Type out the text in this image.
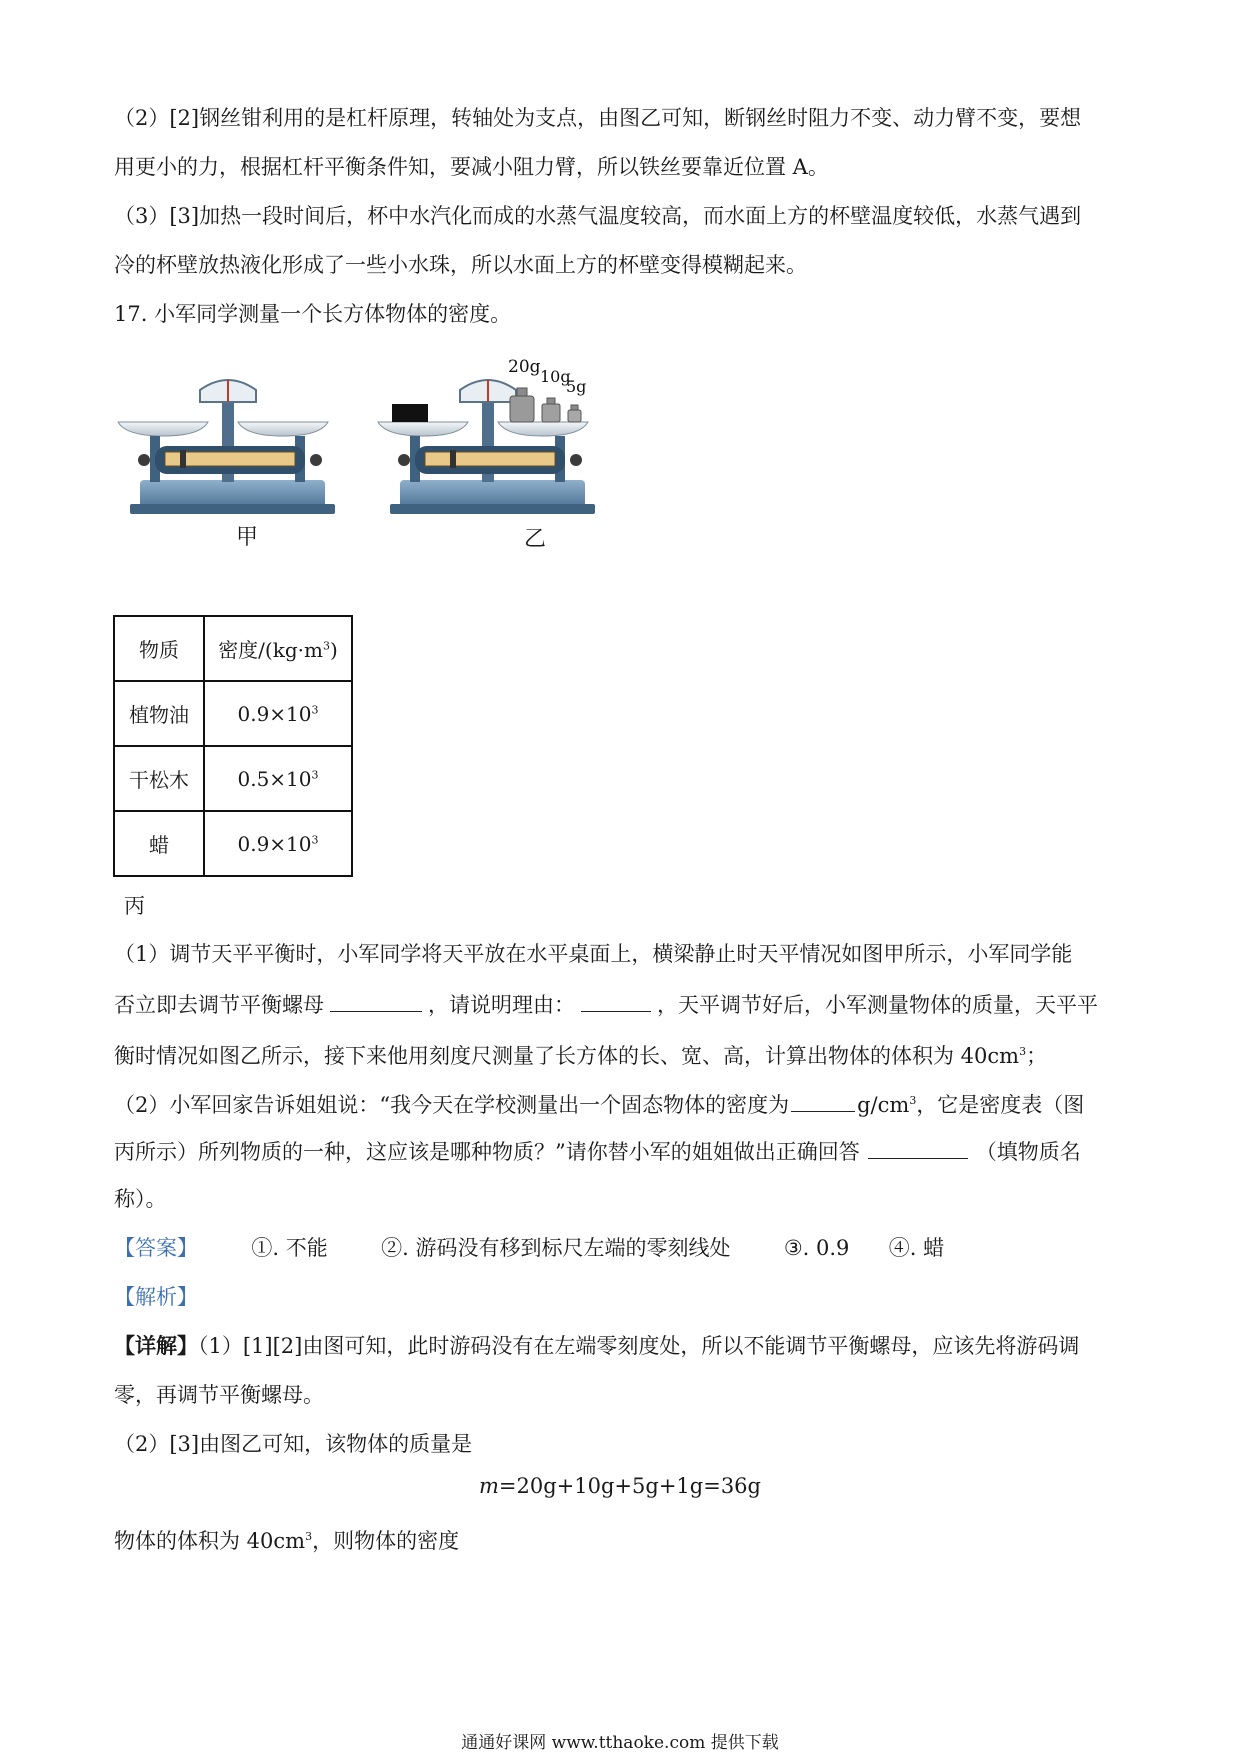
（2）[2]钢丝钳利用的是杠杆原理，转轴处为支点，由图乙可知，断钢丝时阻力不变、动力臂不变，要想
用更小的力，根据杠杆平衡条件知，要减小阻力臂，所以铁丝要靠近位置 A。
（3）[3]加热一段时间后，杯中水汽化而成的水蒸气温度较高，而水面上方的杯壁温度较低，水蒸气遇到
冷的杯壁放热液化形成了一些小水珠，所以水面上方的杯壁变得模糊起来。
17. 小军同学测量一个长方体物体的密度。
20g 10g
5g
甲	乙
物质	密度$/(kg\cdot m^3)$
植物油	$0.9\times 10^3$
干松木	$0.5\times 10^3$
蜡	$0.9\times 10^3$
丙
（1）调节天平平衡时，小军同学将天平放在水平桌面上，横梁静止时天平情况如图甲所示，小军同学能
否立即去调节平衡螺母	，请说明理由：	，天平调节好后，小军测量物体的质量，天平平
衡时情况如图乙所示，接下来他用刻度尺测量了长方体的长、宽、高，计算出物体的体积为 $40cm^3$；
（2）小军回家告诉姐姐说：“我今天在学校测量出一个固态物体的密度为	$g/cm^3$，它是密度表（图
丙所示）所列物质的一种，这应该是哪种物质？”请你替小军的姐姐做出正确回答	（填物质名
称）。
【答案】	①. 不能	②. 游码没有移到标尺左端的零刻线处	③. 0.9 ④. 蜡
【解析】
【详解】（1）[1][2]由图可知，此时游码没有在左端零刻度处，所以不能调节平衡螺母，应该先将游码调
零，再调节平衡螺母。
（2）[3]由图乙可知，该物体的质量是
m=20g+10g+5g+1g=36g
物体的体积为 $40cm^3$，则物体的密度
通通好课网 www.tthaoke.com 提供下载
